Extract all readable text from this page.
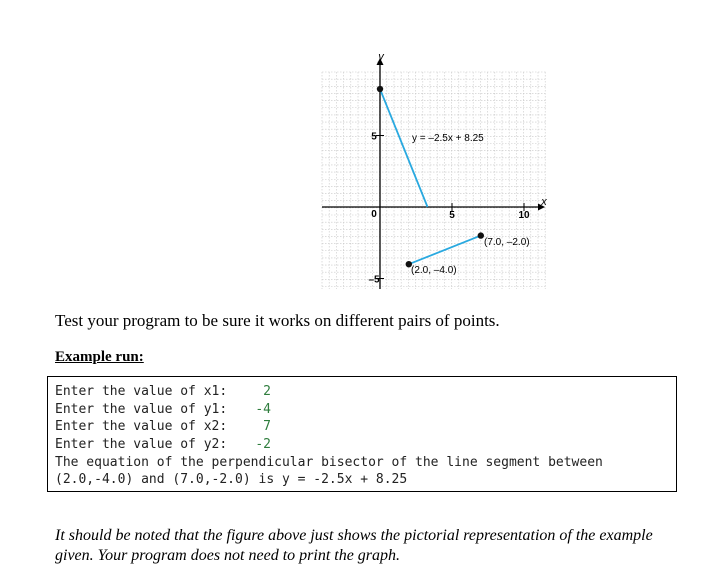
0	5	10
5
–5
y
x
y = –2.5x + 8.25
(7.0, –2.0)
(2.0, –4.0)
Test your program to be sure it works on different pairs of points.
Example run:
Enter the value of x1:	2
Enter the value of y1: -4
Enter the value of x2:	7
Enter the value of y2: -2
The equation of the perpendicular bisector of the line segment between
(2.0,-4.0) and (7.0,-2.0) is y = -2.5x + 8.25
It should be noted that the figure above just shows the pictorial representation of the example given. Your program does not need to print the graph.
